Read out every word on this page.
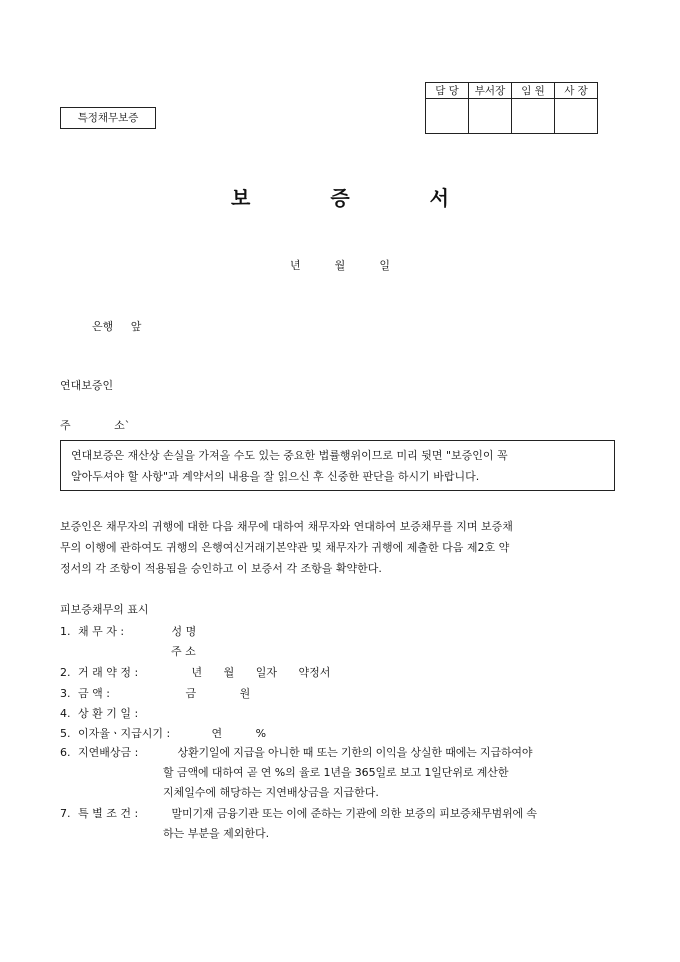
담 당	부서장	임 원	사 장

특정채무보증
보	증	서
년	월	일
은행 앞
연대보증인
주	소`
연대보증은 재산상 손실을 가져올 수도 있는 중요한 법률행위이므로 미리 뒷면 "보증인이 꼭
알아두셔야 할 사항"과 계약서의 내용을 잘 읽으신 후 신중한 판단을 하시기 바랍니다.
보증인은 채무자의 귀행에 대한 다음 채무에 대하여 채무자와 연대하여 보증채무를 지며 보증채
무의 이행에 관하여도 귀행의 은행여신거래기본약관 및 채무자가 귀행에 제출한 다음 제2호 약
정서의 각 조항이 적용됨을 승인하고 이 보증서 각 조항을 확약한다.
피보증채무의 표시
1. 채 무 자 :	성 명
주 소
2. 거 래 약 정 :	년 월 일자 약정서
3. 금 액 :	금 원
4. 상 환 기 일 :
5. 이자율ㆍ지급시기 :	연 %
6. 지연배상금 :	상환기일에 지급을 아니한 때 또는 기한의 이익을 상실한 때에는 지급하여야
할 금액에 대하여 곧 연 %의 율로 1년을 365일로 보고 1일단위로 계산한
지체일수에 해당하는 지연배상금을 지급한다.
7. 특 별 조 건 :	말미기재 금융기관 또는 이에 준하는 기관에 의한 보증의 피보증채무범위에 속
하는 부분을 제외한다.
